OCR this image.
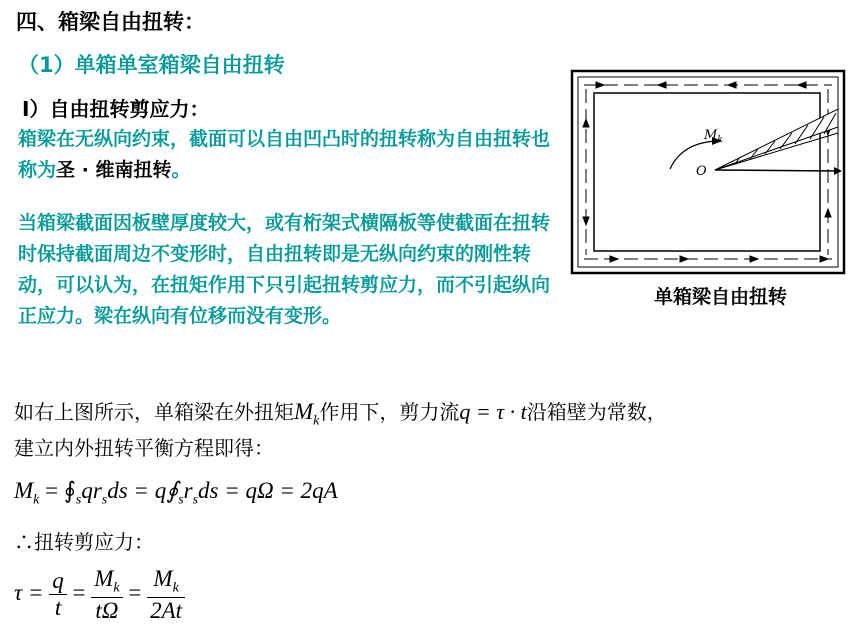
四、箱梁自由扭转：
（1）单箱单室箱梁自由扭转
Ⅰ）自由扭转剪应力：
箱梁在无纵向约束，截面可以自由凹凸时的扭转称为自由扭转也称为圣 · 维南扭转。
当箱梁截面因板壁厚度较大，或有桁架式横隔板等使截面在扭转时保持截面周边不变形时，自由扭转即是无纵向约束的刚性转动，可以认为，在扭矩作用下只引起扭转剪应力，而不引起纵向正应力。梁在纵向有位移而没有变形。
$M_k$
O
单箱梁自由扭转
如右上图所示，单箱梁在外扭矩$M_k$作用下，剪力流q = τ · t沿箱壁为常数，
建立内外扭转平衡方程即得：
$M_k$ = $∮_sqr_sds$ = $q∮_sr_sds = q\Omega = 2qA$
∴扭转剪应力：
$\tau = \frac{q}{t} = \frac{M_k}{t\Omega} = \frac{M_k}{2At}$
